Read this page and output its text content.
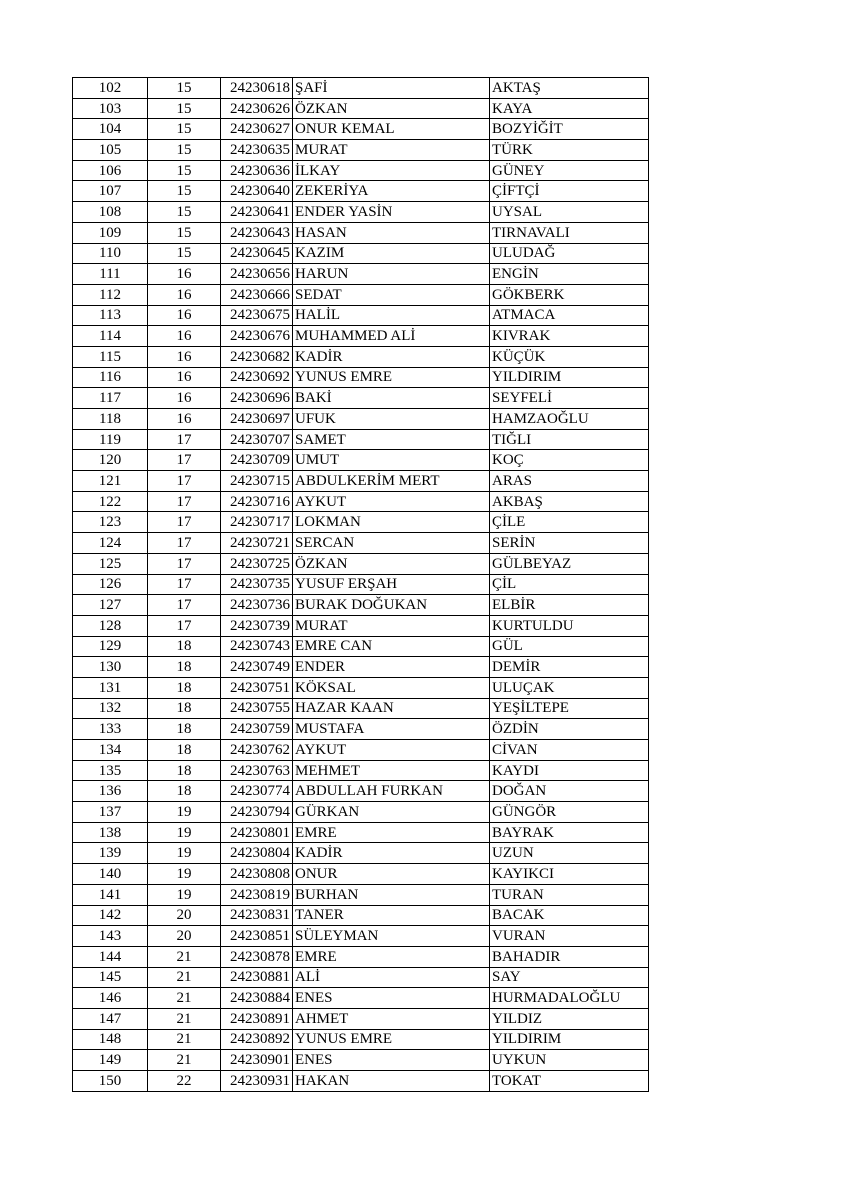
102	15	24230618	ŞAFİ	AKTAŞ
103	15	24230626	ÖZKAN	KAYA
104	15	24230627	ONUR KEMAL	BOZYİĞİT
105	15	24230635	MURAT	TÜRK
106	15	24230636	İLKAY	GÜNEY
107	15	24230640	ZEKERİYA	ÇİFTÇİ
108	15	24230641	ENDER YASİN	UYSAL
109	15	24230643	HASAN	TIRNAVALI
110	15	24230645	KAZIM	ULUDAĞ
111	16	24230656	HARUN	ENGİN
112	16	24230666	SEDAT	GÖKBERK
113	16	24230675	HALİL	ATMACA
114	16	24230676	MUHAMMED ALİ	KIVRAK
115	16	24230682	KADİR	KÜÇÜK
116	16	24230692	YUNUS EMRE	YILDIRIM
117	16	24230696	BAKİ	SEYFELİ
118	16	24230697	UFUK	HAMZAOĞLU
119	17	24230707	SAMET	TIĞLI
120	17	24230709	UMUT	KOÇ
121	17	24230715	ABDULKERİM MERT	ARAS
122	17	24230716	AYKUT	AKBAŞ
123	17	24230717	LOKMAN	ÇİLE
124	17	24230721	SERCAN	SERİN
125	17	24230725	ÖZKAN	GÜLBEYAZ
126	17	24230735	YUSUF ERŞAH	ÇİL
127	17	24230736	BURAK DOĞUKAN	ELBİR
128	17	24230739	MURAT	KURTULDU
129	18	24230743	EMRE CAN	GÜL
130	18	24230749	ENDER	DEMİR
131	18	24230751	KÖKSAL	ULUÇAK
132	18	24230755	HAZAR KAAN	YEŞİLTEPE
133	18	24230759	MUSTAFA	ÖZDİN
134	18	24230762	AYKUT	CİVAN
135	18	24230763	MEHMET	KAYDI
136	18	24230774	ABDULLAH FURKAN	DOĞAN
137	19	24230794	GÜRKAN	GÜNGÖR
138	19	24230801	EMRE	BAYRAK
139	19	24230804	KADİR	UZUN
140	19	24230808	ONUR	KAYIKCI
141	19	24230819	BURHAN	TURAN
142	20	24230831	TANER	BACAK
143	20	24230851	SÜLEYMAN	VURAN
144	21	24230878	EMRE	BAHADIR
145	21	24230881	ALİ	SAY
146	21	24230884	ENES	HURMADALOĞLU
147	21	24230891	AHMET	YILDIZ
148	21	24230892	YUNUS EMRE	YILDIRIM
149	21	24230901	ENES	UYKUN
150	22	24230931	HAKAN	TOKAT
